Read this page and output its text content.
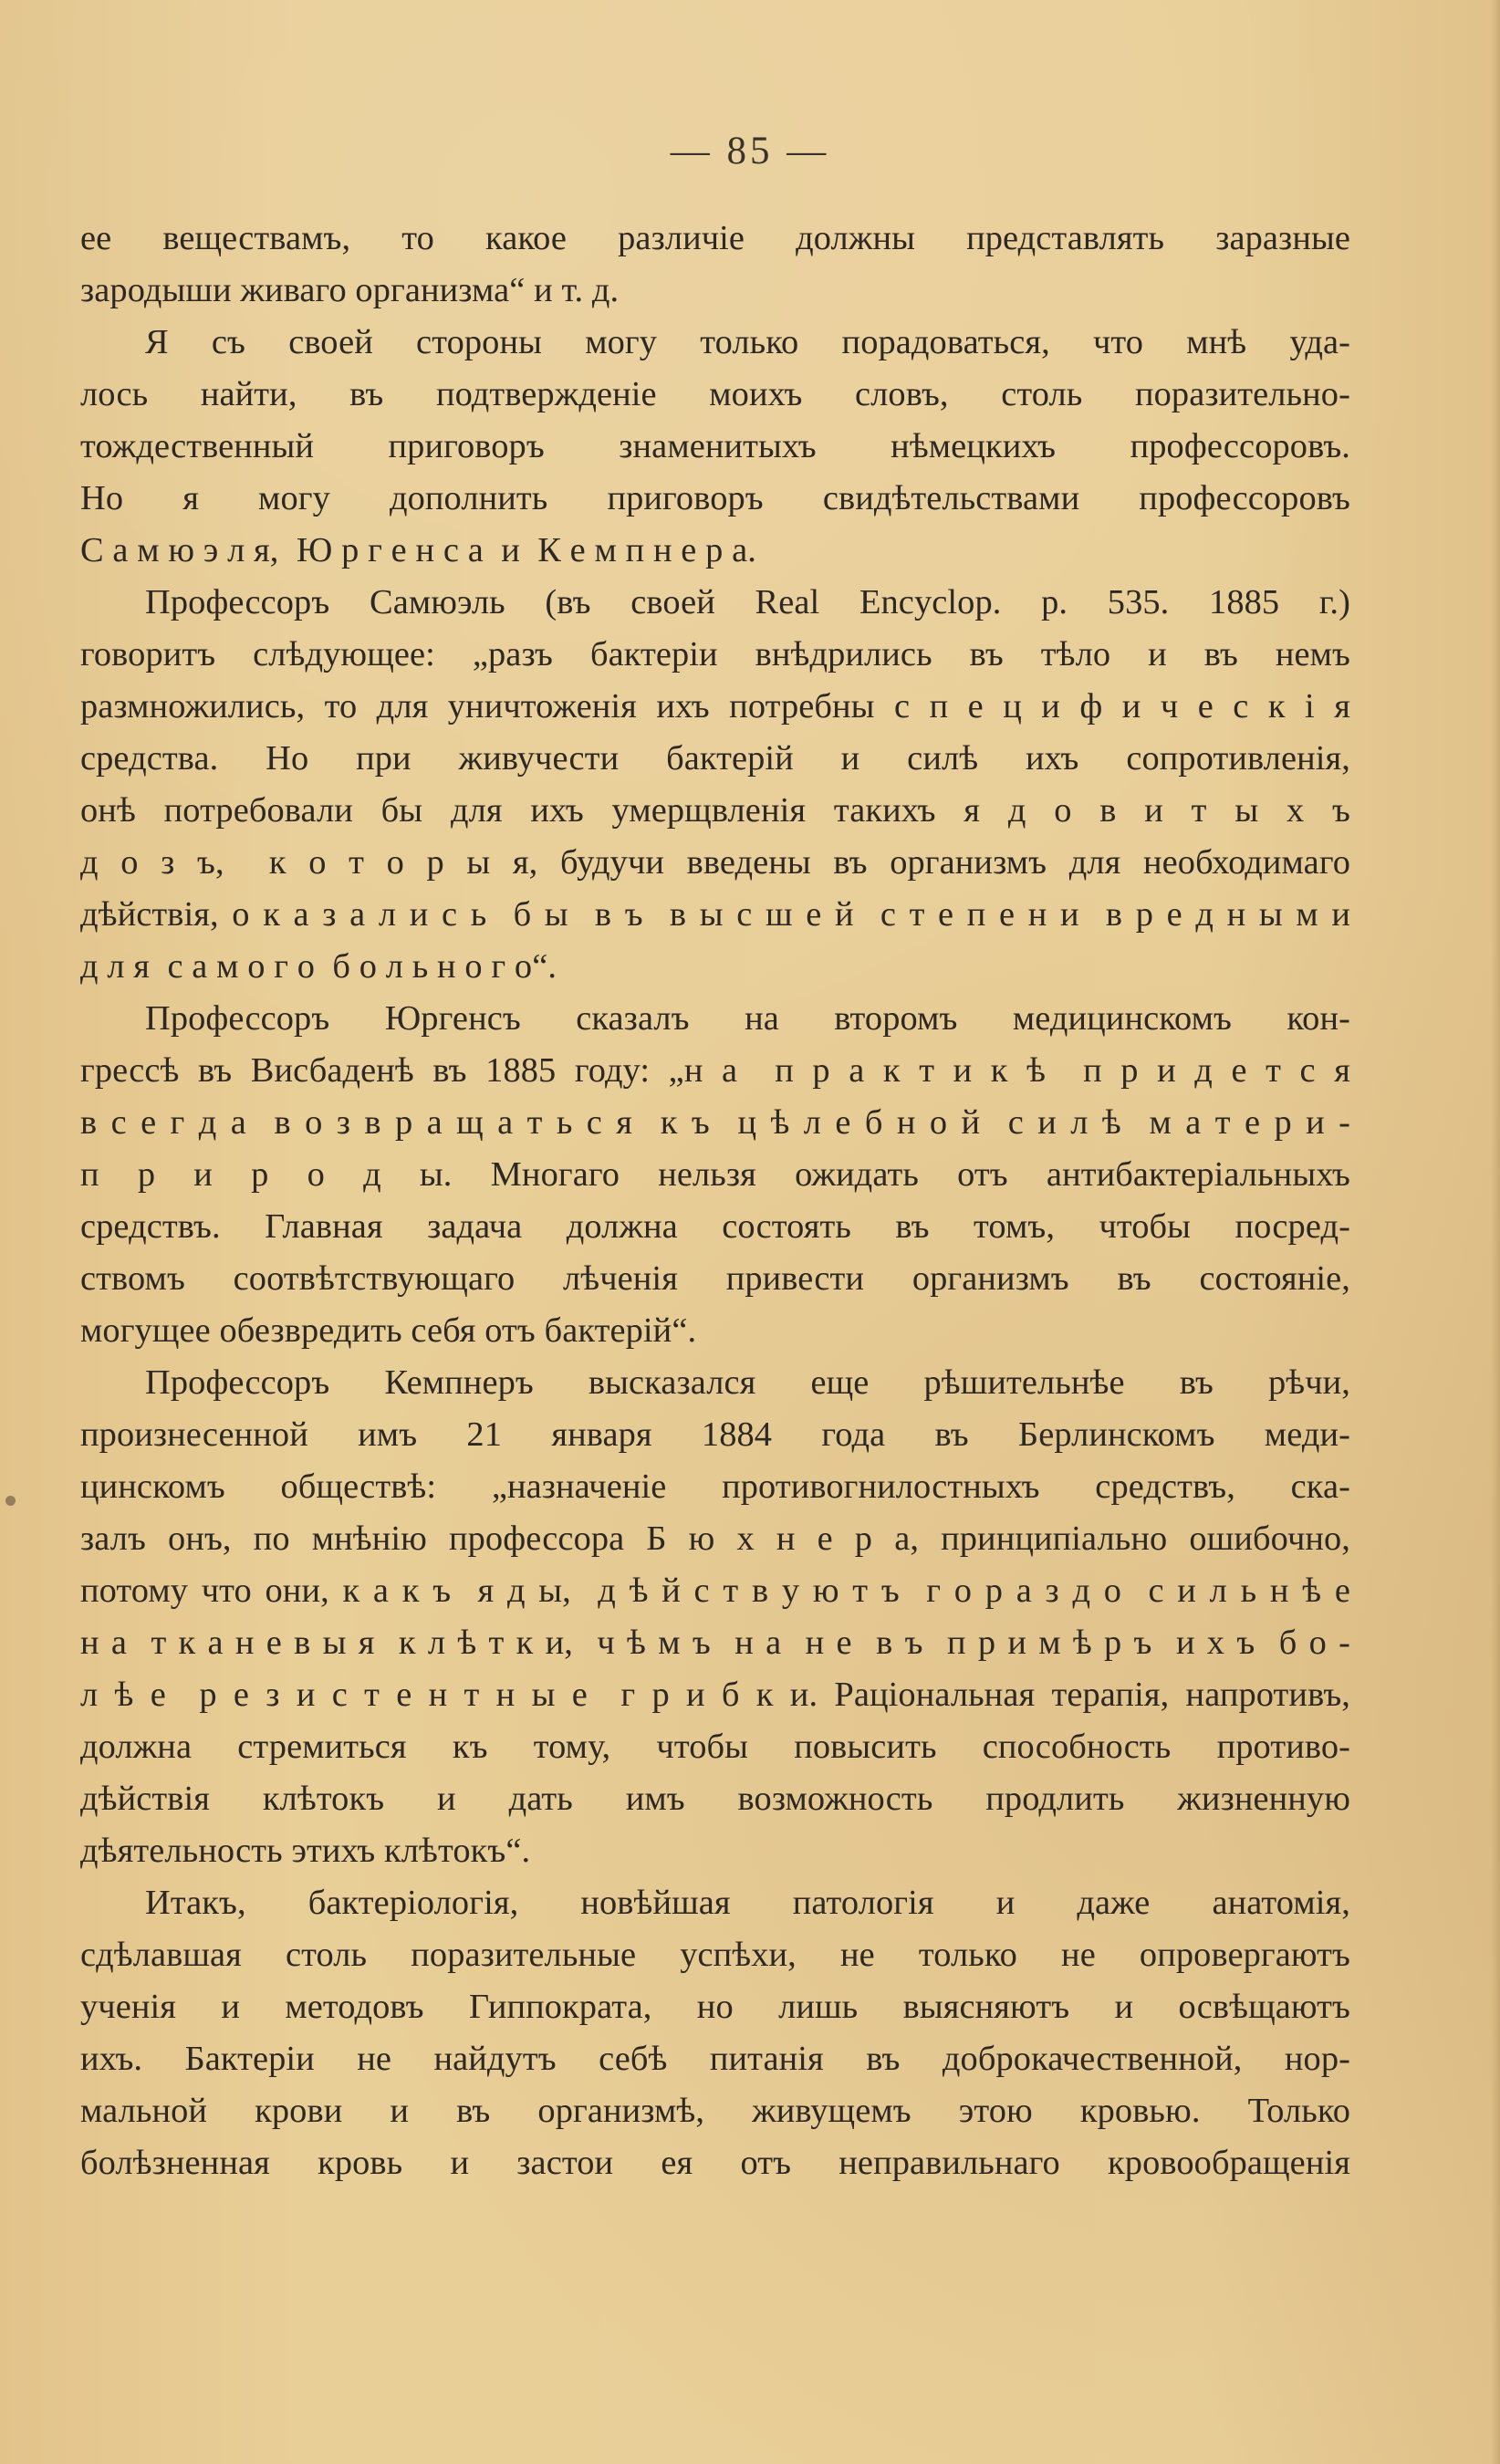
— 85 —
ее веществамъ, то какое различiе должны представлять заразные
зародыши живаго организма“ и т. д.
Я съ своей стороны могу только порадоваться, что мнѣ уда-
лось найти, въ подтвержденiе моихъ словъ, столь поразительно-
тождественный приговоръ знаменитыхъ нѣмецкихъ профессоровъ.
Но я могу дополнить приговоръ свидѣтельствами профессоровъ
С а м ю э л я,  Ю р г е н с а  и  К е м п н е р а.
Профессоръ Самюэль (въ своей Real Encyclop. p. 535. 1885 г.)
говоритъ слѣдующее: „разъ бактерiи внѣдрились въ тѣло и въ немъ
размножились, то для уничтоженiя ихъ потребны с п е ц и ф и ч е с к i я
средства. Но при живучести бактерiй и силѣ ихъ сопротивленiя,
онѣ потребовали бы для ихъ умерщвленiя такихъ я д о в и т ы х ъ
д о з ъ,  к о т о р ы я, будучи введены въ организмъ для необходимаго
дѣйствiя, о к а з а л и с ь  б ы  в ъ  в ы с ш е й  с т е п е н и  в р е д н ы м и
д л я  с а м о г о  б о л ь н о г о“.
Профессоръ Юргенсъ сказалъ на второмъ медицинскомъ кон-
грессѣ въ Висбаденѣ въ 1885 году: „н а  п р а к т и к ѣ  п р и д е т с я
в с е г д а  в о з в р а щ а т ь с я  к ъ  ц ѣ л е б н о й  с и л ѣ  м а т е р и -
п р и р о д ы. Многаго нельзя ожидать отъ антибактерiальныхъ
средствъ. Главная задача должна состоять въ томъ, чтобы посред-
ствомъ соотвѣтствующаго лѣченiя привести организмъ въ состоянiе,
могущее обезвредить себя отъ бактерiй“.
Профессоръ Кемпнеръ высказался еще рѣшительнѣе въ рѣчи,
произнесенной имъ 21 января 1884 года въ Берлинскомъ меди-
цинскомъ обществѣ: „назначенiе противогнилостныхъ средствъ, ска-
залъ онъ, по мнѣнiю профессора Б ю х н е р а, принципiально ошибочно,
потому что они, к а к ъ  я д ы,  д ѣ й с т в у ю т ъ  г о р а з д о  с и л ь н ѣ е
н а  т к а н е в ы я  к л ѣ т к и,  ч ѣ м ъ  н а  н е  в ъ  п р и м ѣ р ъ  и х ъ  б о -
л ѣ е  р е з и с т е н т н ы е  г р и б к и. Рацiональная терапiя, напротивъ,
должна стремиться къ тому, чтобы повысить способность противо-
дѣйствiя клѣтокъ и дать имъ возможность продлить жизненную
дѣятельность этихъ клѣтокъ“.
Итакъ, бактерiологiя, новѣйшая патологiя и даже анатомiя,
сдѣлавшая столь поразительные успѣхи, не только не опровергаютъ
ученiя и методовъ Гиппократа, но лишь выясняютъ и освѣщаютъ
ихъ. Бактерiи не найдутъ себѣ питанiя въ доброкачественной, нор-
мальной крови и въ организмѣ, живущемъ этою кровью. Только
болѣзненная кровь и застои ея отъ неправильнаго кровообращенiя
